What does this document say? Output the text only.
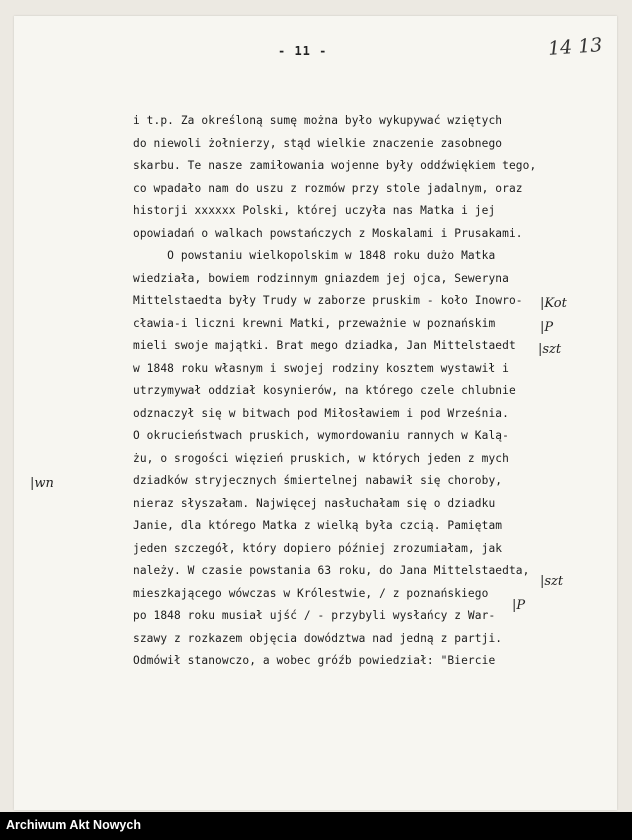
- 11 -	14 13
i t.p. Za określoną sumę można było wykupywać wziętych
do niewoli żołnierzy, stąd wielkie znaczenie zasobnego
skarbu. Te nasze zamiłowania wojenne były oddźwiękiem tego,
co wpadało nam do uszu z rozmów przy stole jadalnym, oraz
historji xxxxxx Polski, której uczyła nas Matka i jej
opowiadań o walkach powstańczych z Moskalami i Prusakami.
O powstaniu wielkopolskim w 1848 roku dużo Matka
wiedziała, bowiem rodzinnym gniazdem jej ojca, Seweryna
Mittelstaedta były Trudy w zaborze pruskim - koło Inowro-
cławia-i liczni krewni Matki, przeważnie w poznańskim
mieli swoje majątki. Brat mego dziadka, Jan Mittelstaedt
w 1848 roku własnym i swojej rodziny kosztem wystawił i
utrzymywał oddział kosynierów, na którego czele chlubnie
odznaczył się w bitwach pod Miłosławiem i pod Września.
O okrucieństwach pruskich, wymordowaniu rannych w Kalą-
żu, o srogości więzień pruskich, w których jeden z mych
dziadków stryjecznych śmiertelnej nabawił się choroby,
nieraz słyszałam. Najwięcej nasłuchałam się o dziadku
Janie, dla którego Matka z wielką była czcią. Pamiętam
jeden szczegół, który dopiero później zrozumiałam, jak
należy. W czasie powstania 63 roku, do Jana Mittelstaedta,
mieszkającego wówczas w Królestwie, / z poznańskiego
po 1848 roku musiał ujść / - przybyli wysłańcy z War-
szawy z rozkazem objęcia dowództwa nad jedną z partji.
Odmówił stanowczo, a wobec gróźb powiedział: "Biercie
|Kot
|P
|szt
|wn
|szt
|P
Archiwum Akt Nowych
